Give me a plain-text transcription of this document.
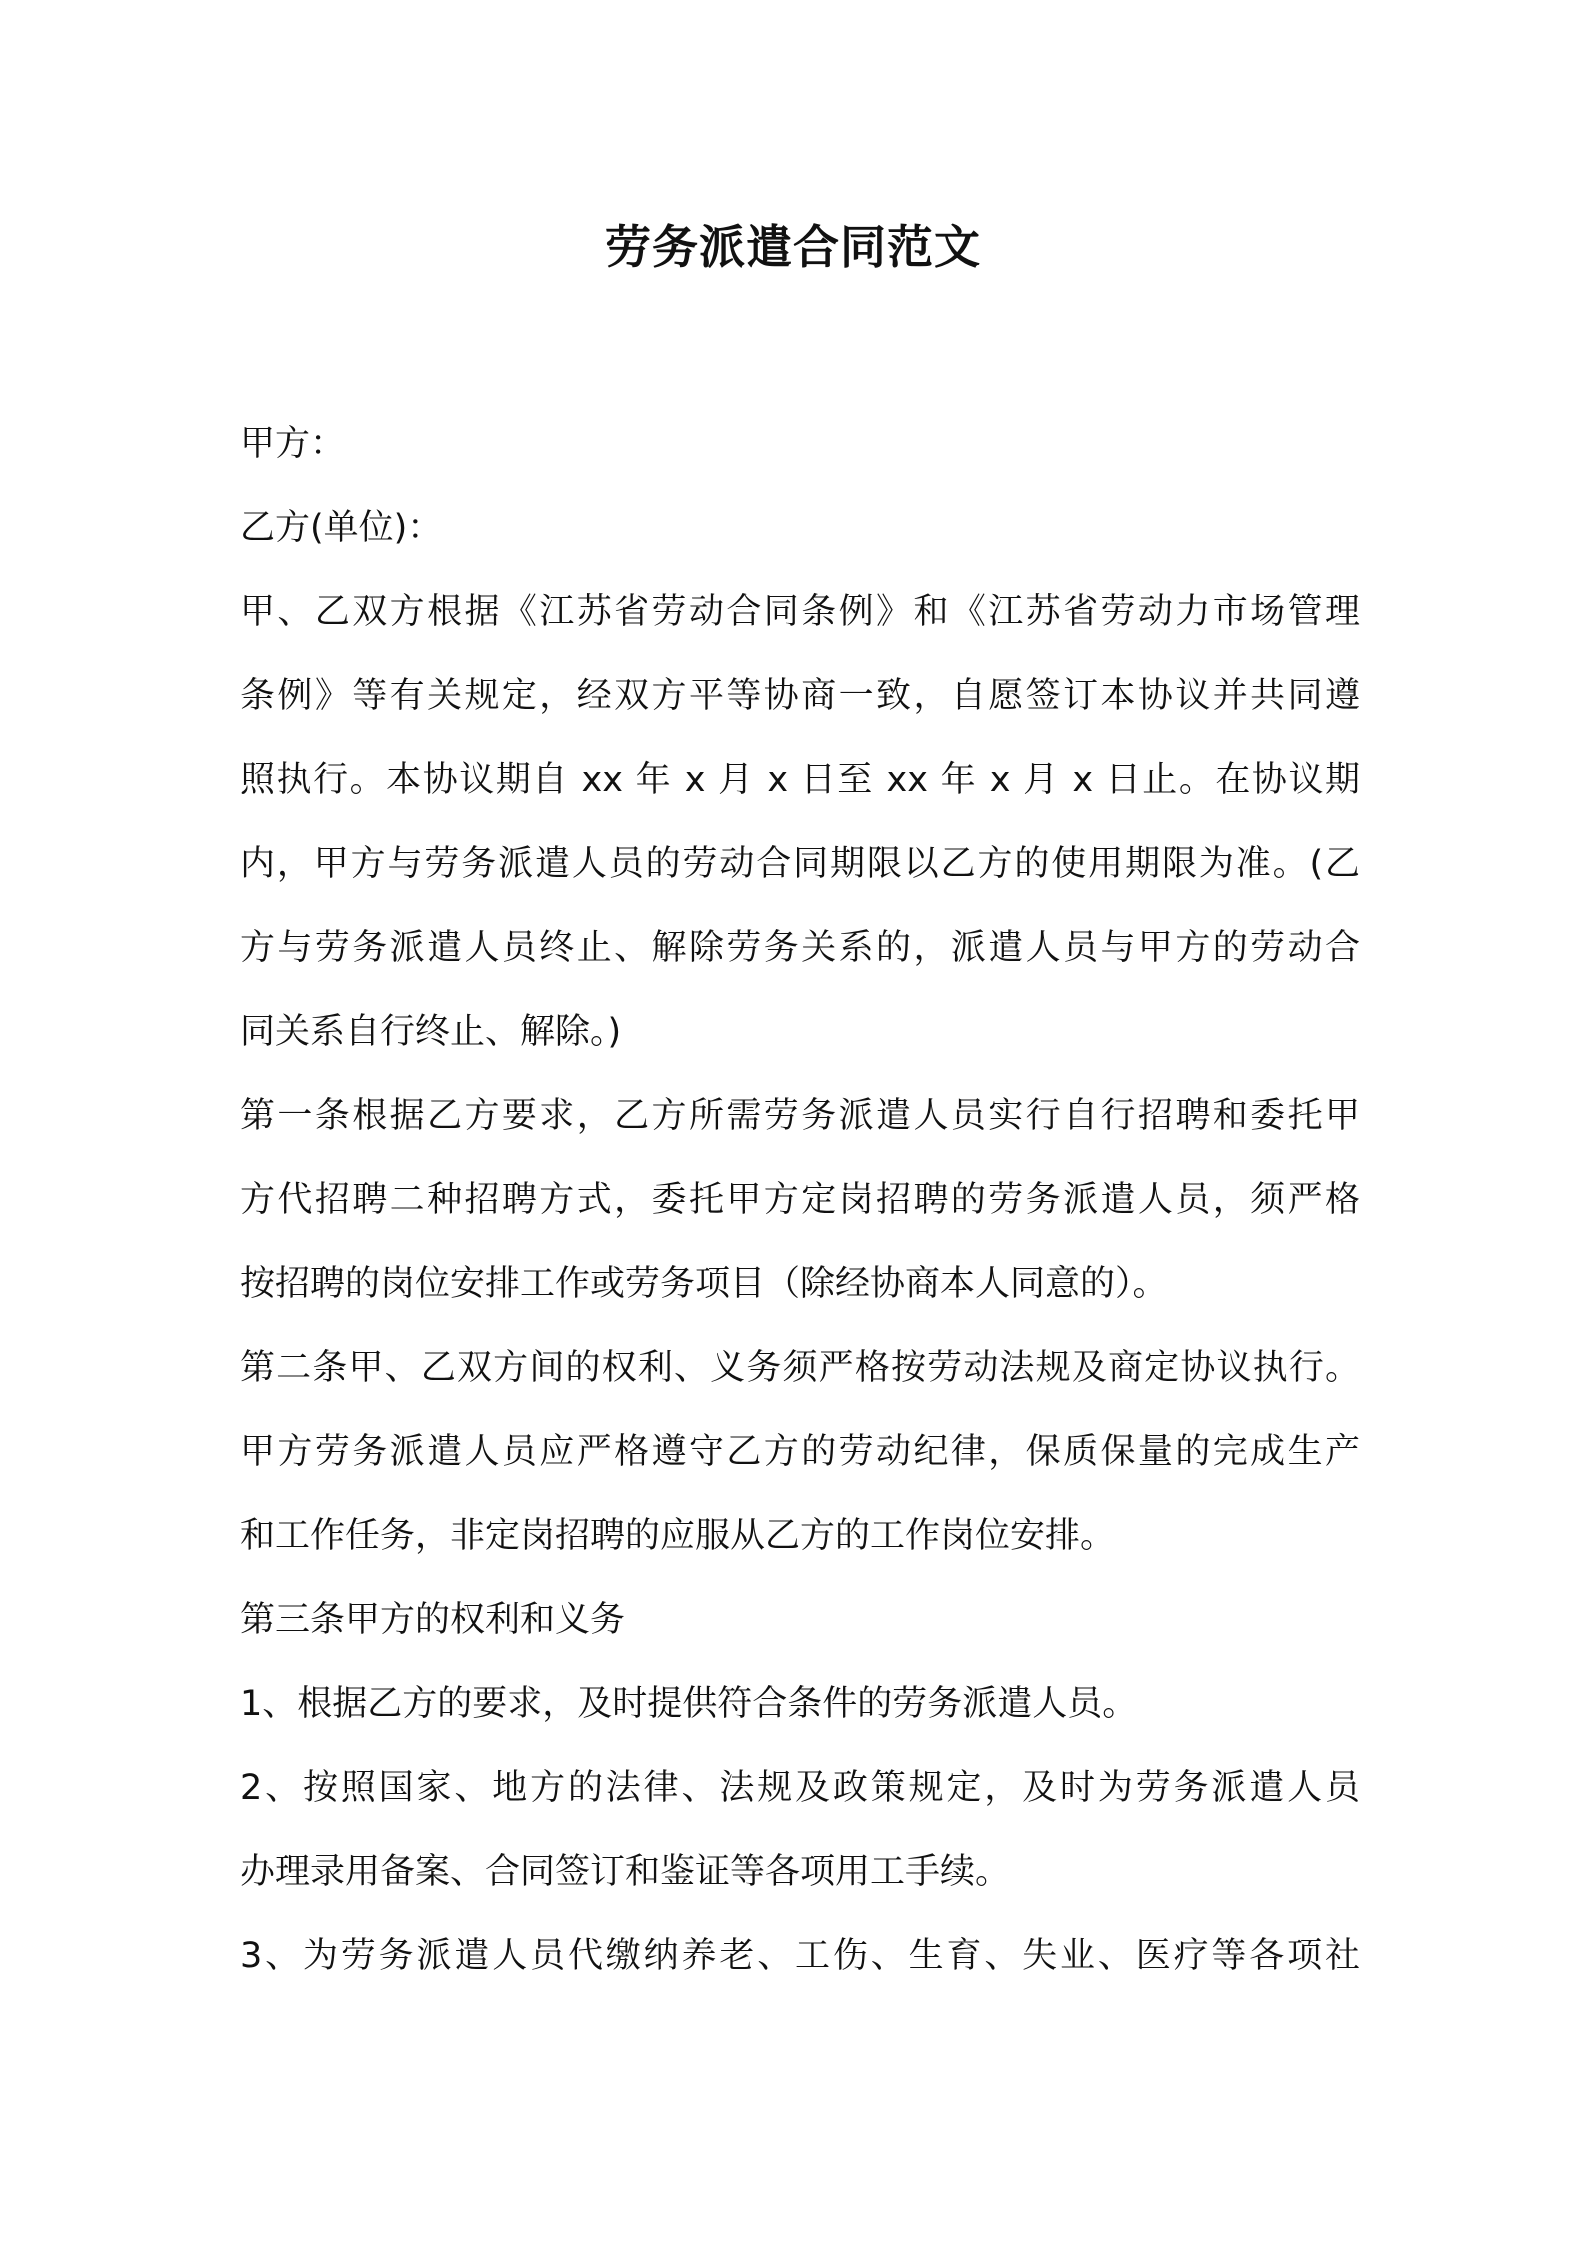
劳务派遣合同范文
甲方：
乙方(单位)：
甲、乙双方根据《江苏省劳动合同条例》和《江苏省劳动力市场管理
条例》等有关规定，经双方平等协商一致，自愿签订本协议并共同遵
照执行。本协议期自 xx 年 x 月 x 日至 xx 年 x 月 x 日止。在协议期
内，甲方与劳务派遣人员的劳动合同期限以乙方的使用期限为准。(乙
方与劳务派遣人员终止、解除劳务关系的，派遣人员与甲方的劳动合
同关系自行终止、解除。)
第一条根据乙方要求，乙方所需劳务派遣人员实行自行招聘和委托甲
方代招聘二种招聘方式，委托甲方定岗招聘的劳务派遣人员，须严格
按招聘的岗位安排工作或劳务项目（除经协商本人同意的）。
第二条甲、乙双方间的权利、义务须严格按劳动法规及商定协议执行。
甲方劳务派遣人员应严格遵守乙方的劳动纪律，保质保量的完成生产
和工作任务，非定岗招聘的应服从乙方的工作岗位安排。
第三条甲方的权利和义务
1、根据乙方的要求，及时提供符合条件的劳务派遣人员。
2、按照国家、地方的法律、法规及政策规定，及时为劳务派遣人员
办理录用备案、合同签订和鉴证等各项用工手续。
3、为劳务派遣人员代缴纳养老、工伤、生育、失业、医疗等各项社
